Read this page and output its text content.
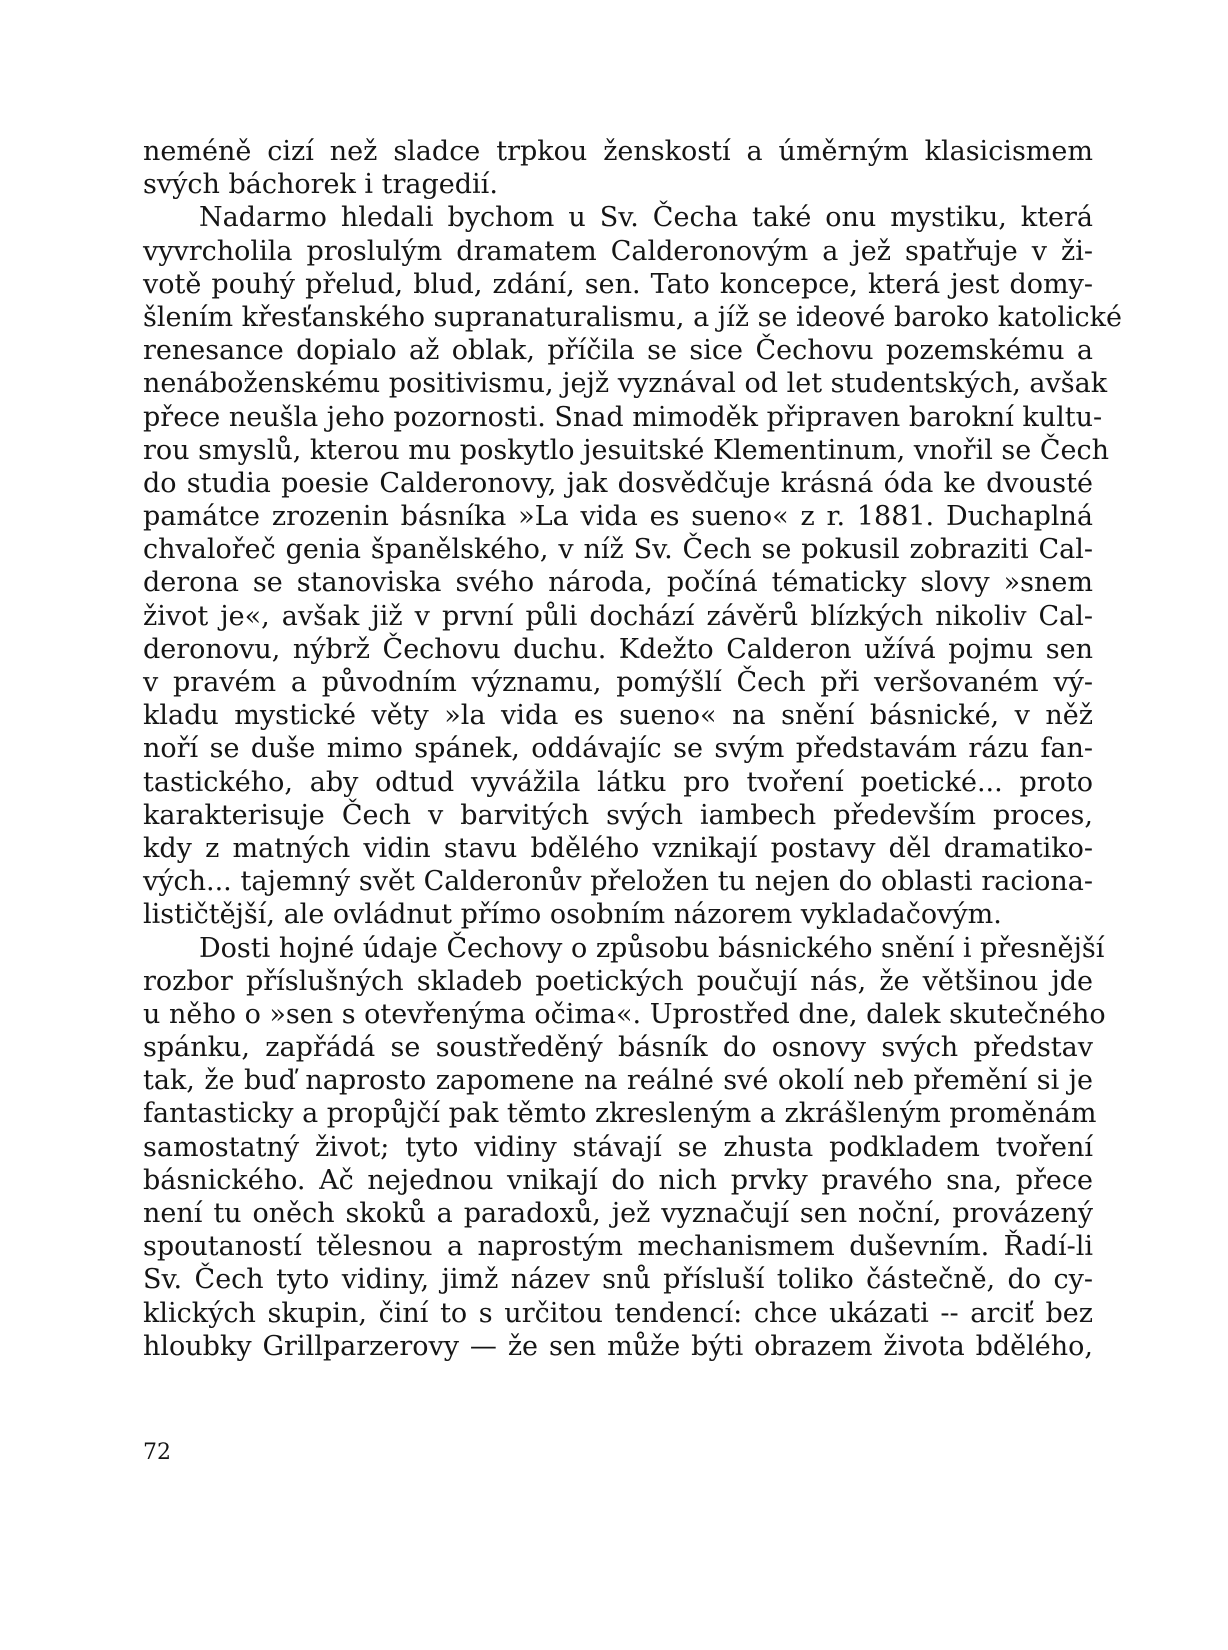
neméně cizí než sladce trpkou ženskostí a úměrným klasicismem
svých báchorek i tragedií.
Nadarmo hledali bychom u Sv. Čecha také onu mystiku, která
vyvrcholila proslulým dramatem Calderonovým a jež spatřuje v ži-
votě pouhý přelud, blud, zdání, sen. Tato koncepce, která jest domy-
šlením křesťanského supranaturalismu, a jíž se ideové baroko katolické
renesance dopialo až oblak, příčila se sice Čechovu pozemskému a
nenáboženskému positivismu, jejž vyznával od let studentských, avšak
přece neušla jeho pozornosti. Snad mimoděk připraven barokní kultu-
rou smyslů, kterou mu poskytlo jesuitské Klementinum, vnořil se Čech
do studia poesie Calderonovy, jak dosvědčuje krásná óda ke dvousté
památce zrozenin básníka »La vida es sueno« z r. 1881. Duchaplná
chvalořeč genia španělského, v níž Sv. Čech se pokusil zobraziti Cal-
derona se stanoviska svého národa, počíná tématicky slovy »snem
život je«, avšak již v první půli dochází závěrů blízkých nikoliv Cal-
deronovu, nýbrž Čechovu duchu. Kdežto Calderon užívá pojmu sen
v pravém a původním významu, pomýšlí Čech při veršovaném vý-
kladu mystické věty »la vida es sueno« na snění básnické, v něž
noří se duše mimo spánek, oddávajíc se svým představám rázu fan-
tastického, aby odtud vyvážila látku pro tvoření poetické... proto
karakterisuje Čech v barvitých svých iambech především proces,
kdy z matných vidin stavu bdělého vznikají postavy děl dramatiko-
vých... tajemný svět Calderonův přeložen tu nejen do oblasti raciona-
lističtější, ale ovládnut přímo osobním názorem vykladačovým.
Dosti hojné údaje Čechovy o způsobu básnického snění i přesnější
rozbor příslušných skladeb poetických poučují nás, že většinou jde
u něho o »sen s otevřenýma očima«. Uprostřed dne, dalek skutečného
spánku, zapřádá se soustředěný básník do osnovy svých představ
tak, že buď naprosto zapomene na reálné své okolí neb přemění si je
fantasticky a propůjčí pak těmto zkresleným a zkrášleným proměnám
samostatný život; tyto vidiny stávají se zhusta podkladem tvoření
básnického. Ač nejednou vnikají do nich prvky pravého sna, přece
není tu oněch skoků a paradoxů, jež vyznačují sen noční, provázený
spoutaností tělesnou a naprostým mechanismem duševním. Řadí-li
Sv. Čech tyto vidiny, jimž název snů přísluší toliko částečně, do cy-
klických skupin, činí to s určitou tendencí: chce ukázati -- arciť bez
hloubky Grillparzerovy — že sen může býti obrazem života bdělého,
72
